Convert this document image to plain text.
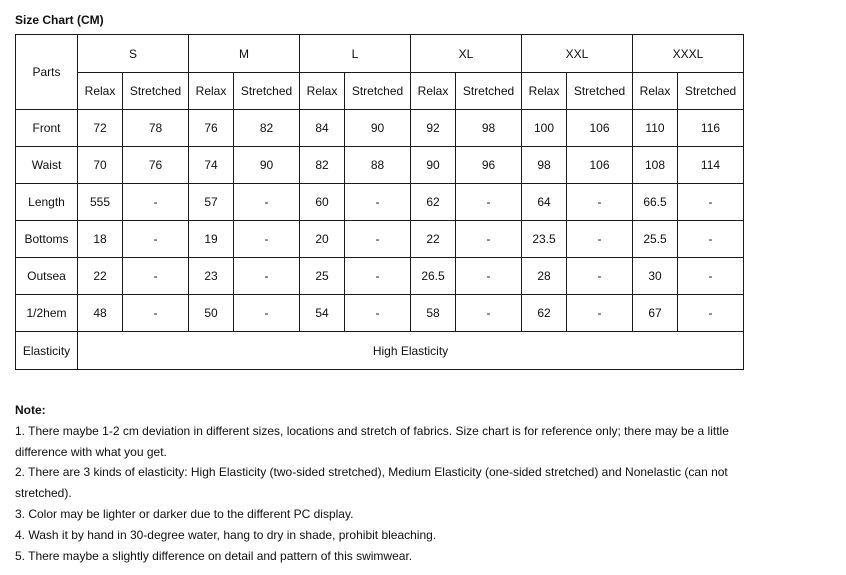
Size Chart (CM)
Parts	S		M		L		XL		XXL		XXXL	
	Relax	Stretched	Relax	Stretched	Relax	Stretched	Relax	Stretched	Relax	Stretched	Relax	Stretched
Front	72	78	76	82	84	90	92	98	100	106	110	116
Waist	70	76	74	90	82	88	90	96	98	106	108	114
Length	555	-	57	-	60	-	62	-	64	-	66.5	-
Bottoms	18	-	19	-	20	-	22	-	23.5	-	25.5	-
Outsea	22	-	23	-	25	-	26.5	-	28	-	30	-
1/2hem	48	-	50	-	54	-	58	-	62	-	67	-
Elasticity	High Elasticity											
Note:
1. There maybe 1-2 cm deviation in different sizes, locations and stretch of fabrics. Size chart is for reference only; there may be a little difference with what you get.
2. There are 3 kinds of elasticity: High Elasticity (two-sided stretched), Medium Elasticity (one-sided stretched) and Nonelastic (can not stretched).
3. Color may be lighter or darker due to the different PC display.
4. Wash it by hand in 30-degree water, hang to dry in shade, prohibit bleaching.
5. There maybe a slightly difference on detail and pattern of this swimwear.
